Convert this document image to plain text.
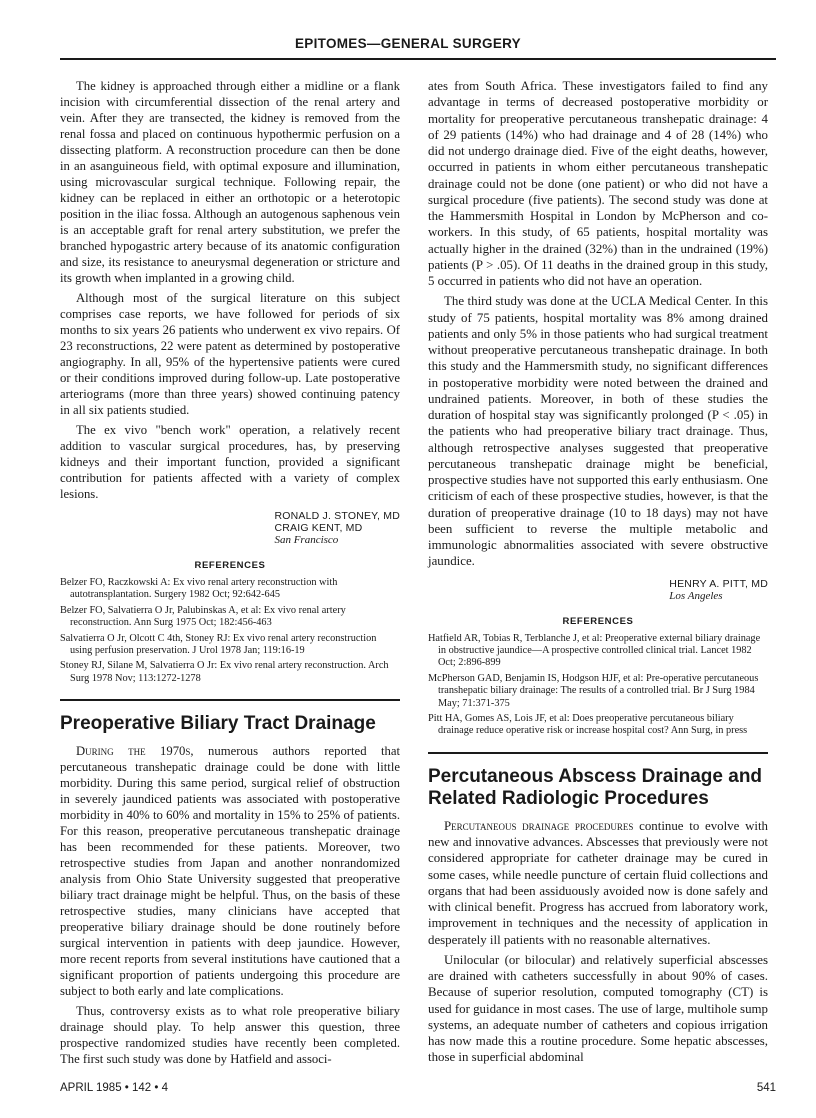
EPITOMES—GENERAL SURGERY

The kidney is approached through either a midline or a flank incision with circumferential dissection of the renal artery and vein. After they are transected, the kidney is removed from the renal fossa and placed on continuous hypothermic perfusion on a dissecting platform. A reconstruction procedure can then be done in an asanguineous field, with optimal exposure and illumination, using microvascular surgical technique. Following repair, the kidney can be replaced in either an orthotopic or a heterotopic position in the iliac fossa. Although an autogenous saphenous vein is an acceptable graft for renal artery substitution, we prefer the branched hypogastric artery because of its anatomic configuration and size, its resistance to aneurysmal degeneration or stricture and its growth when implanted in a growing child.

Although most of the surgical literature on this subject comprises case reports, we have followed for periods of six months to six years 26 patients who underwent ex vivo repairs. Of 23 reconstructions, 22 were patent as determined by postoperative angiography. In all, 95% of the hypertensive patients were cured or their conditions improved during follow-up. Late postoperative arteriograms (more than three years) showed continuing patency in all six patients studied.

The ex vivo "bench work" operation, a relatively recent addition to vascular surgical procedures, has, by preserving kidneys and their important function, provided a significant contribution for patients affected with a variety of complex lesions.

RONALD J. STONEY, MD
CRAIG KENT, MD
San Francisco
REFERENCES
Belzer FO, Raczkowski A: Ex vivo renal artery reconstruction with autotransplantation. Surgery 1982 Oct; 92:642-645
Belzer FO, Salvatierra O Jr, Palubinskas A, et al: Ex vivo renal artery reconstruction. Ann Surg 1975 Oct; 182:456-463
Salvatierra O Jr, Olcott C 4th, Stoney RJ: Ex vivo renal artery reconstruction using perfusion preservation. J Urol 1978 Jan; 119:16-19
Stoney RJ, Silane M, Salvatierra O Jr: Ex vivo renal artery reconstruction. Arch Surg 1978 Nov; 113:1272-1278
Preoperative Biliary Tract Drainage

During the 1970s, numerous authors reported that percutaneous transhepatic drainage could be done with little morbidity. During this same period, surgical relief of obstruction in severely jaundiced patients was associated with postoperative morbidity in 40% to 60% and mortality in 15% to 25% of patients. For this reason, preoperative percutaneous transhepatic drainage has been recommended for these patients. Moreover, two retrospective studies from Japan and another nonrandomized analysis from Ohio State University suggested that preoperative biliary tract drainage might be helpful. Thus, on the basis of these retrospective studies, many clinicians have accepted that preoperative biliary drainage should be done routinely before surgical intervention in patients with deep jaundice. However, more recent reports from several institutions have cautioned that a significant proportion of patients undergoing this procedure are subject to both early and late complications.

Thus, controversy exists as to what role preoperative biliary drainage should play. To help answer this question, three prospective randomized studies have recently been completed. The first such study was done by Hatfield and associ-

ates from South Africa. These investigators failed to find any advantage in terms of decreased postoperative morbidity or mortality for preoperative percutaneous transhepatic drainage: 4 of 29 patients (14%) who had drainage and 4 of 28 (14%) who did not undergo drainage died. Five of the eight deaths, however, occurred in patients in whom either percutaneous transhepatic drainage could not be done (one patient) or who did not have a surgical procedure (five patients). The second study was done at the Hammersmith Hospital in London by McPherson and co-workers. In this study, of 65 patients, hospital mortality was actually higher in the drained (32%) than in the undrained (19%) patients (P > .05). Of 11 deaths in the drained group in this study, 5 occurred in patients who did not have an operation.

The third study was done at the UCLA Medical Center. In this study of 75 patients, hospital mortality was 8% among drained patients and only 5% in those patients who had surgical treatment without preoperative percutaneous transhepatic drainage. In both this study and the Hammersmith study, no significant differences in postoperative morbidity were noted between the drained and undrained patients. Moreover, in both of these studies the duration of hospital stay was significantly prolonged (P < .05) in the patients who had preoperative biliary tract drainage. Thus, although retrospective analyses suggested that preoperative percutaneous transhepatic drainage might be beneficial, prospective studies have not supported this early enthusiasm. One criticism of each of these prospective studies, however, is that the duration of preoperative drainage (10 to 18 days) may not have been sufficient to reverse the multiple metabolic and immunologic abnormalities associated with severe obstructive jaundice.

HENRY A. PITT, MD
Los Angeles
REFERENCES
Hatfield AR, Tobias R, Terblanche J, et al: Preoperative external biliary drainage in obstructive jaundice—A prospective controlled clinical trial. Lancet 1982 Oct; 2:896-899
McPherson GAD, Benjamin IS, Hodgson HJF, et al: Pre-operative percutaneous transhepatic biliary drainage: The results of a controlled trial. Br J Surg 1984 May; 71:371-375
Pitt HA, Gomes AS, Lois JF, et al: Does preoperative percutaneous biliary drainage reduce operative risk or increase hospital cost? Ann Surg, in press
Percutaneous Abscess Drainage and Related Radiologic Procedures

Percutaneous drainage procedures continue to evolve with new and innovative advances. Abscesses that previously were not considered appropriate for catheter drainage may be cured in some cases, while needle puncture of certain fluid collections and organs that had been assiduously avoided now is done safely and with clinical benefit. Progress has accrued from laboratory work, improvement in techniques and the necessity of application in desperately ill patients with no reasonable alternatives.

Unilocular (or bilocular) and relatively superficial abscesses are drained with catheters successfully in about 90% of cases. Because of superior resolution, computed tomography (CT) is used for guidance in most cases. The use of large, multihole sump systems, an adequate number of catheters and copious irrigation has now made this a routine procedure. Some hepatic abscesses, those in superficial abdominal

APRIL 1985 • 142 • 4	541
